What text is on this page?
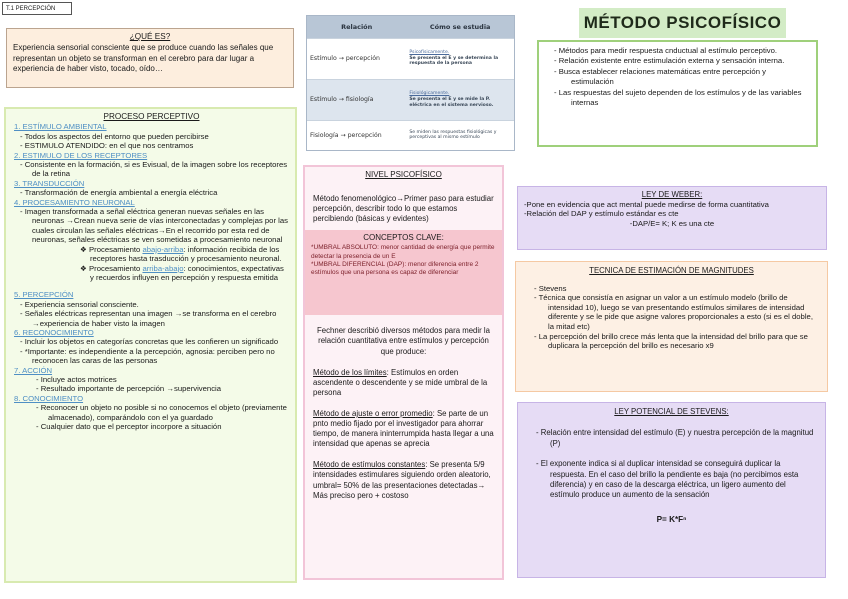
T.1 PERCEPCIÓN
¿QUÉ ES?

Experiencia sensorial consciente que se produce cuando las señales que representan un objeto se transforman en el cerebro para dar lugar a experiencia de haber visto, tocado, oído…

PROCESO PERCEPTIVO
1. ESTÍMULO AMBIENTAL
- Todos los aspectos del entorno que pueden percibirse
- ESTIMULO ATENDIDO: en el que nos centramos
2. ESTIMULO DE LOS RECEPTORES
- Consistente en la formación, si es Evisual, de la imagen sobre los receptores de la retina
3. TRANSDUCCIÓN
- Transformación de energía ambiental a energía eléctrica
4. PROCESAMIENTO NEURONAL
- Imagen transformada a señal eléctrica generan nuevas señales en las neuronas →Crean nueva serie de vías interconectadas y complejas por las cuales circulan las señales eléctricas→En el recorrido por esta red de neuronas, señales eléctricas se ven sometidas a procesamiento neuronal
❖ Procesamiento abajo-arriba: información recibida de los receptores hasta trasducción y procesamiento neuronal.
❖ Procesamiento arriba-abajo: conocimientos, expectativas y recuerdos influyen en percepción y respuesta emitida
5. PERCEPCIÓN
- Experiencia sensorial consciente.
- Señales eléctricas representan una imagen →se transforma en el cerebro →experiencia de haber visto la imagen
6. RECONOCIMIENTO
- Incluir los objetos en categorías concretas que les confieren un significado
- *Importante: es independiente a la percepción, agnosia: perciben pero no reconocen las caras de las personas
7. ACCIÓN
- Incluye actos motrices
- Resultado importante de percepción →supervivencia
8. CONOCIMIENTO
- Reconocer un objeto no posible si no conocemos el objeto (previamente almacenado), comparándolo con el ya guardado
- Cualquier dato que el perceptor incorpore a situación
Relación	Cómo se estudia
Estímulo → percepción	Psicofísicamente.
Se presenta el E y se determina la respuesta de la persona
Estímulo → fisiología	Fisiológicamente.
Se presenta el E y se mide la P. eléctrica en el sistema nervioso.
Fisiología → percepción	Se miden las respuestas fisiológicas y perceptivas al mismo estímulo
NIVEL PSICOFÍSICO

Método fenomenológico→Primer paso para estudiar percepción, describir todo lo que estamos percibiendo (básicas y evidentes)

CONCEPTOS CLAVE:

*UMBRAL ABSOLUTO: menor cantidad de energía que permite detectar la presencia de un E

*UMBRAL DIFERENCIAL (DAP): menor diferencia entre 2 estímulos que una persona es capaz de diferenciar

Fechner describió diversos métodos para medir la relación cuantitativa entre estímulos y percepción que produce:

Método de los límites: Estímulos en orden ascendente o descendente y se mide umbral de la persona

Método de ajuste o error promedio: Se parte de un pnto medio fijado por el investigador para ahorrar tiempo, de manera ininterrumpida hasta llegar a una intensidad que apenas se aprecia

Método de estímulos constantes: Se presenta 5/9 intensidades estimulares siguiendo orden aleatorio, umbral= 50% de las presentaciones detectadas→ Más preciso pero + costoso

MÉTODO PSICOFÍSICO
- Métodos para medir respuesta cnductual al estímulo perceptivo.
- Relación existente entre estimulación externa y sensación interna.
- Busca establecer relaciones matemáticas entre percepción y estimulación
- Las respuestas del sujeto dependen de los estímulos y de las variables internas
LEY DE WEBER:

-Pone en evidencia que act mental puede medirse de forma cuantitativa

-Relación del DAP y estímulo estándar es cte

-DAP/E= K; K es una cte

TECNICA DE ESTIMACIÓN DE MAGNITUDES
- Stevens
- Técnica que consistía en asignar un valor a un estímulo modelo (brillo de intensidad 10), luego se van presentando estímulos similares de intensidad diferente y se le pide que asigne valores proporcionales a esto (si es el doble, la mitad etc)
- La percepción del brillo crece más lenta que la intensidad del brillo para que se duplicara la percepción del brillo es necesario x9
LEY POTENCIAL DE STEVENS:
- Relación entre intensidad del estímulo (E) y nuestra percepción de la magnitud (P)
- El exponente indica si al duplicar intensidad se conseguirá duplicar la respuesta. En el caso del brillo la pendiente es baja (no percibimos esta diferencia) y en caso de la descarga eléctrica, un ligero aumento del estímulo produce un aumento de la sensación

P= K*Fⁿ
